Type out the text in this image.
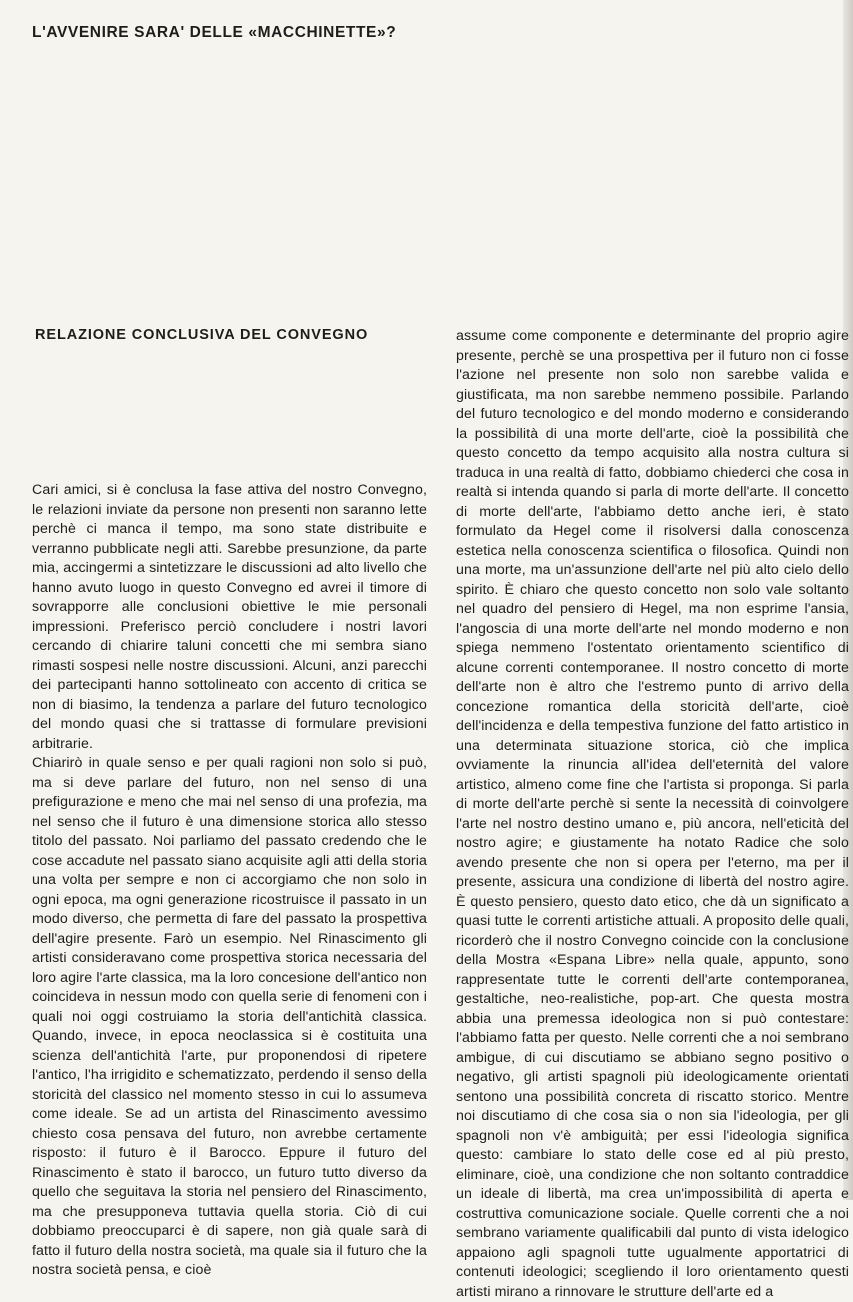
L'AVVENIRE SARA' DELLE «MACCHINETTE»?
RELAZIONE CONCLUSIVA DEL CONVEGNO

Cari amici, si è conclusa la fase attiva del nostro Convegno, le relazioni inviate da persone non presenti non saranno lette perchè ci manca il tempo, ma sono state distribuite e verranno pubblicate negli atti. Sarebbe presunzione, da parte mia, accingermi a sintetizzare le discussioni ad alto livello che hanno avuto luogo in questo Convegno ed avrei il timore di sovrapporre alle conclusioni obiettive le mie personali impressioni. Preferisco perciò concludere i nostri lavori cercando di chiarire taluni concetti che mi sembra siano rimasti sospesi nelle nostre discussioni. Alcuni, anzi parecchi dei partecipanti hanno sottolineato con accento di critica se non di biasimo, la tendenza a parlare del futuro tecnologico del mondo quasi che si trattasse di formulare previsioni arbitrarie.

Chiarirò in quale senso e per quali ragioni non solo si può, ma si deve parlare del futuro, non nel senso di una prefigurazione e meno che mai nel senso di una profezia, ma nel senso che il futuro è una dimensione storica allo stesso titolo del passato. Noi parliamo del passato credendo che le cose accadute nel passato siano acquisite agli atti della storia una volta per sempre e non ci accorgiamo che non solo in ogni epoca, ma ogni generazione ricostruisce il passato in un modo diverso, che permetta di fare del passato la prospettiva dell'agire presente. Farò un esempio. Nel Rinascimento gli artisti consideravano come prospettiva storica necessaria del loro agire l'arte classica, ma la loro concesione dell'antico non coincideva in nessun modo con quella serie di fenomeni con i quali noi oggi costruiamo la storia dell'antichità classica. Quando, invece, in epoca neoclassica si è costituita una scienza dell'antichità l'arte, pur proponendosi di ripetere l'antico, l'ha irrigidito e schematizzato, perdendo il senso della storicità del classico nel momento stesso in cui lo assumeva come ideale. Se ad un artista del Rinascimento avessimo chiesto cosa pensava del futuro, non avrebbe certamente risposto: il futuro è il Barocco. Eppure il futuro del Rinascimento è stato il barocco, un futuro tutto diverso da quello che seguitava la storia nel pensiero del Rinascimento, ma che presupponeva tuttavia quella storia. Ciò di cui dobbiamo preoccuparci è di sapere, non già quale sarà di fatto il futuro della nostra società, ma quale sia il futuro che la nostra società pensa, e cioè

assume come componente e determinante del proprio agire presente, perchè se una prospettiva per il futuro non ci fosse l'azione nel presente non solo non sarebbe valida e giustificata, ma non sarebbe nemmeno possibile. Parlando del futuro tecnologico e del mondo moderno e considerando la possibilità di una morte dell'arte, cioè la possibilità che questo concetto da tempo acquisito alla nostra cultura si traduca in una realtà di fatto, dobbiamo chiederci che cosa in realtà si intenda quando si parla di morte dell'arte. Il concetto di morte dell'arte, l'abbiamo detto anche ieri, è stato formulato da Hegel come il risolversi dalla conoscenza estetica nella conoscenza scientifica o filosofica. Quindi non una morte, ma un'assunzione dell'arte nel più alto cielo dello spirito. È chiaro che questo concetto non solo vale soltanto nel quadro del pensiero di Hegel, ma non esprime l'ansia, l'angoscia di una morte dell'arte nel mondo moderno e non spiega nemmeno l'ostentato orientamento scientifico di alcune correnti contemporanee. Il nostro concetto di morte dell'arte non è altro che l'estremo punto di arrivo della concezione romantica della storicità dell'arte, cioè dell'incidenza e della tempestiva funzione del fatto artistico in una determinata situazione storica, ciò che implica ovviamente la rinuncia all'idea dell'eternità del valore artistico, almeno come fine che l'artista si proponga. Si parla di morte dell'arte perchè si sente la necessità di coinvolgere l'arte nel nostro destino umano e, più ancora, nell'eticità del nostro agire; e giustamente ha notato Radice che solo avendo presente che non si opera per l'eterno, ma per il presente, assicura una condizione di libertà del nostro agire. È questo pensiero, questo dato etico, che dà un significato a quasi tutte le correnti artistiche attuali. A proposito delle quali, ricorderò che il nostro Convegno coincide con la conclusione della Mostra «Espana Libre» nella quale, appunto, sono rappresentate tutte le correnti dell'arte contemporanea, gestaltiche, neo-realistiche, pop-art. Che questa mostra abbia una premessa ideologica non si può contestare: l'abbiamo fatta per questo. Nelle correnti che a noi sembrano ambigue, di cui discutiamo se abbiano segno positivo o negativo, gli artisti spagnoli più ideologicamente orientati sentono una possibilità concreta di riscatto storico. Mentre noi discutiamo di che cosa sia o non sia l'ideologia, per gli spagnoli non v'è ambiguità; per essi l'ideologia significa questo: cambiare lo stato delle cose ed al più presto, eliminare, cioè, una condizione che non soltanto contraddice un ideale di libertà, ma crea un'impossibilità di aperta e costruttiva comunicazione sociale. Quelle correnti che a noi sembrano variamente qualificabili dal punto di vista idelogico appaiono agli spagnoli tutte ugualmente apportatrici di contenuti ideologici; scegliendo il loro orientamento questi artisti mirano a rinnovare le strutture dell'arte ed a
